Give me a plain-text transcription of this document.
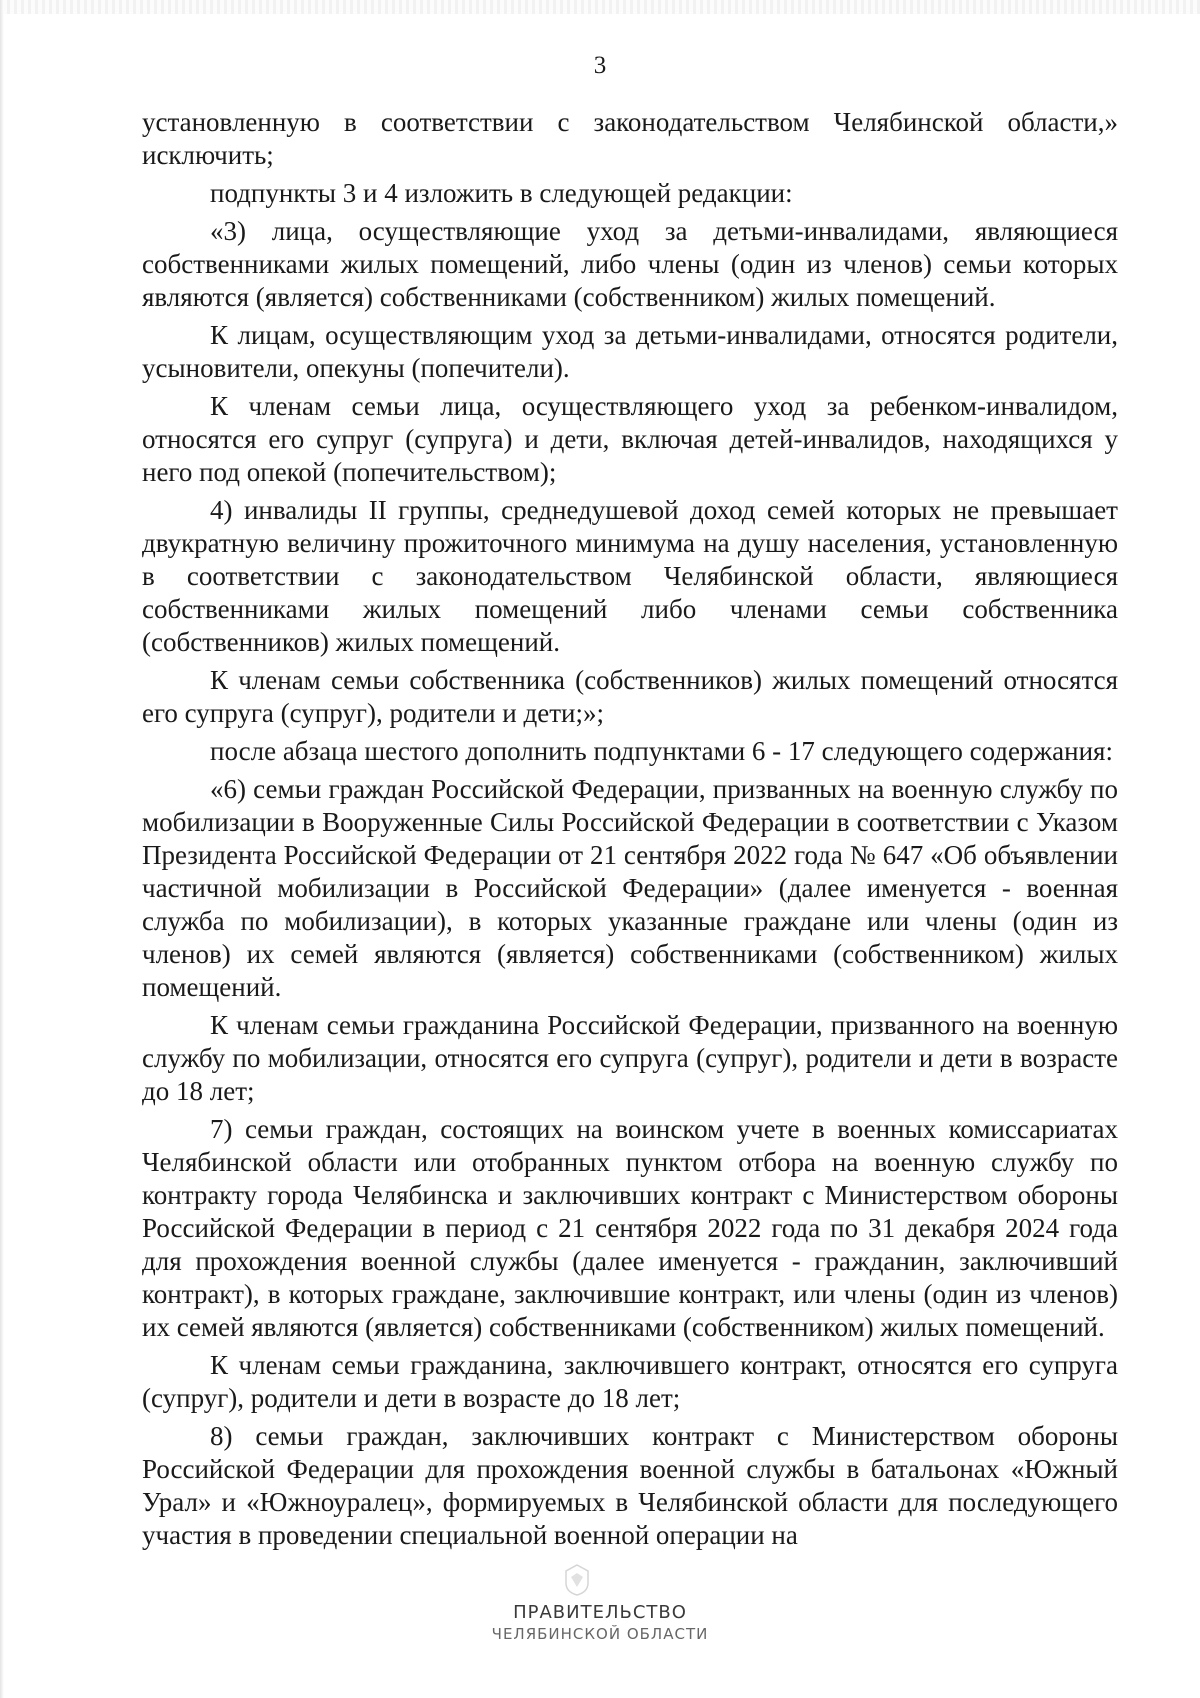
3

установленную в соответствии с законодательством Челябинской области,» исключить;

подпункты 3 и 4 изложить в следующей редакции:

«3) лица, осуществляющие уход за детьми-инвалидами, являющиеся собственниками жилых помещений, либо члены (один из членов) семьи которых являются (является) собственниками (собственником) жилых помещений.

К лицам, осуществляющим уход за детьми-инвалидами, относятся родители, усыновители, опекуны (попечители).

К членам семьи лица, осуществляющего уход за ребенком-инвалидом, относятся его супруг (супруга) и дети, включая детей-инвалидов, находящихся у него под опекой (попечительством);

4) инвалиды II группы, среднедушевой доход семей которых не превышает двукратную величину прожиточного минимума на душу населения, установленную в соответствии с законодательством Челябинской области, являющиеся собственниками жилых помещений либо членами семьи собственника (собственников) жилых помещений.

К членам семьи собственника (собственников) жилых помещений относятся его супруга (супруг), родители и дети;»;

после абзаца шестого дополнить подпунктами 6 - 17 следующего содержания:

«6) семьи граждан Российской Федерации, призванных на военную службу по мобилизации в Вооруженные Силы Российской Федерации в соответствии с Указом Президента Российской Федерации от 21 сентября 2022 года № 647 «Об объявлении частичной мобилизации в Российской Федерации» (далее именуется - военная служба по мобилизации), в которых указанные граждане или члены (один из членов) их семей являются (является) собственниками (собственником) жилых помещений.

К членам семьи гражданина Российской Федерации, призванного на военную службу по мобилизации, относятся его супруга (супруг), родители и дети в возрасте до 18 лет;

7) семьи граждан, состоящих на воинском учете в военных комиссариатах Челябинской области или отобранных пунктом отбора на военную службу по контракту города Челябинска и заключивших контракт с Министерством обороны Российской Федерации в период с 21 сентября 2022 года по 31 декабря 2024 года для прохождения военной службы (далее именуется - гражданин, заключивший контракт), в которых граждане, заключившие контракт, или члены (один из членов) их семей являются (является) собственниками (собственником) жилых помещений.

К членам семьи гражданина, заключившего контракт, относятся его супруга (супруг), родители и дети в возрасте до 18 лет;

8) семьи граждан, заключивших контракт с Министерством обороны Российской Федерации для прохождения военной службы в батальонах «Южный Урал» и «Южноуралец», формируемых в Челябинской области для последующего участия в проведении специальной военной операции на

ПРАВИТЕЛЬСТВО
ЧЕЛЯБИНСКОЙ ОБЛАСТИ
